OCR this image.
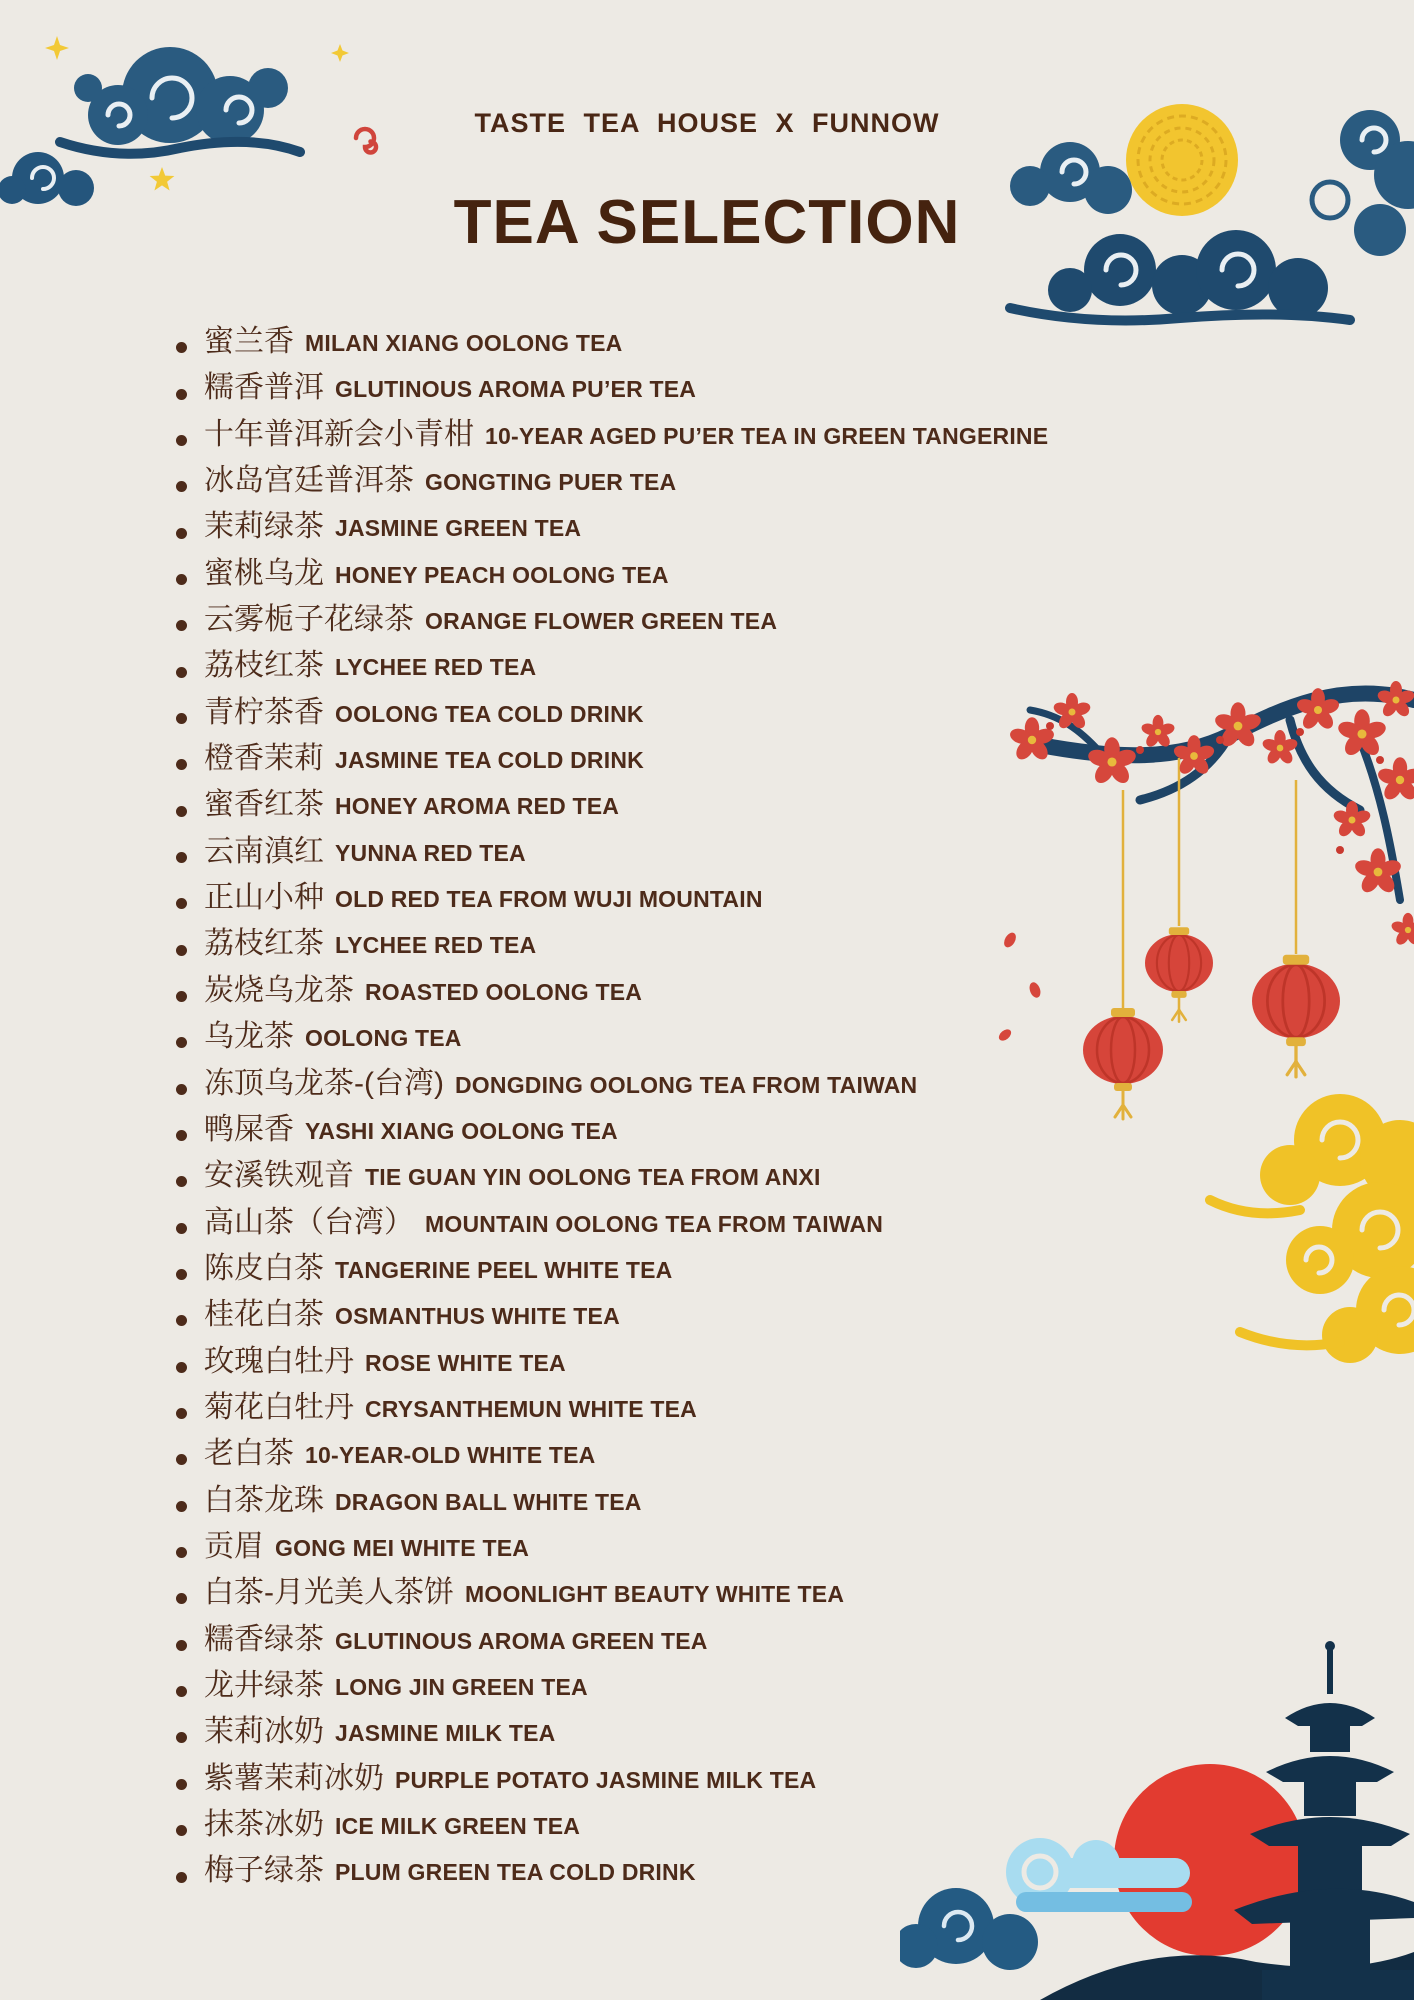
TASTE TEA HOUSE X FUNNOW
TEA SELECTION
蜜兰香 MILAN XIANG OOLONG TEA
糯香普洱 GLUTINOUS AROMA PU’ER TEA
十年普洱新会小青柑 10-YEAR AGED PU’ER TEA IN GREEN TANGERINE
冰岛宫廷普洱茶 GONGTING PUER TEA
茉莉绿茶 JASMINE GREEN TEA
蜜桃乌龙 HONEY PEACH OOLONG TEA
云雾栀子花绿茶 ORANGE FLOWER GREEN TEA
荔枝红茶 LYCHEE RED TEA
青柠茶香 OOLONG TEA COLD DRINK
橙香茉莉 JASMINE TEA COLD DRINK
蜜香红茶 HONEY AROMA RED TEA
云南滇红 YUNNA RED TEA
正山小种 OLD RED TEA FROM WUJI MOUNTAIN
荔枝红茶 LYCHEE RED TEA
炭烧乌龙茶 ROASTED OOLONG TEA
乌龙茶 OOLONG TEA
冻顶乌龙茶-(台湾) DONGDING OOLONG TEA FROM TAIWAN
鸭屎香 YASHI XIANG OOLONG TEA
安溪铁观音 TIE GUAN YIN OOLONG TEA FROM ANXI
高山茶（台湾） MOUNTAIN OOLONG TEA FROM TAIWAN
陈皮白茶 TANGERINE PEEL WHITE TEA
桂花白茶 OSMANTHUS WHITE TEA
玫瑰白牡丹 ROSE WHITE TEA
菊花白牡丹 CRYSANTHEMUN WHITE TEA
老白茶 10-YEAR-OLD WHITE TEA
白茶龙珠 DRAGON BALL WHITE TEA
贡眉 GONG MEI WHITE TEA
白茶-月光美人茶饼 MOONLIGHT BEAUTY WHITE TEA
糯香绿茶 GLUTINOUS AROMA GREEN TEA
龙井绿茶 LONG JIN GREEN TEA
茉莉冰奶 JASMINE MILK TEA
紫薯茉莉冰奶 PURPLE POTATO JASMINE MILK TEA
抹茶冰奶 ICE MILK GREEN TEA
梅子绿茶 PLUM GREEN TEA COLD DRINK
